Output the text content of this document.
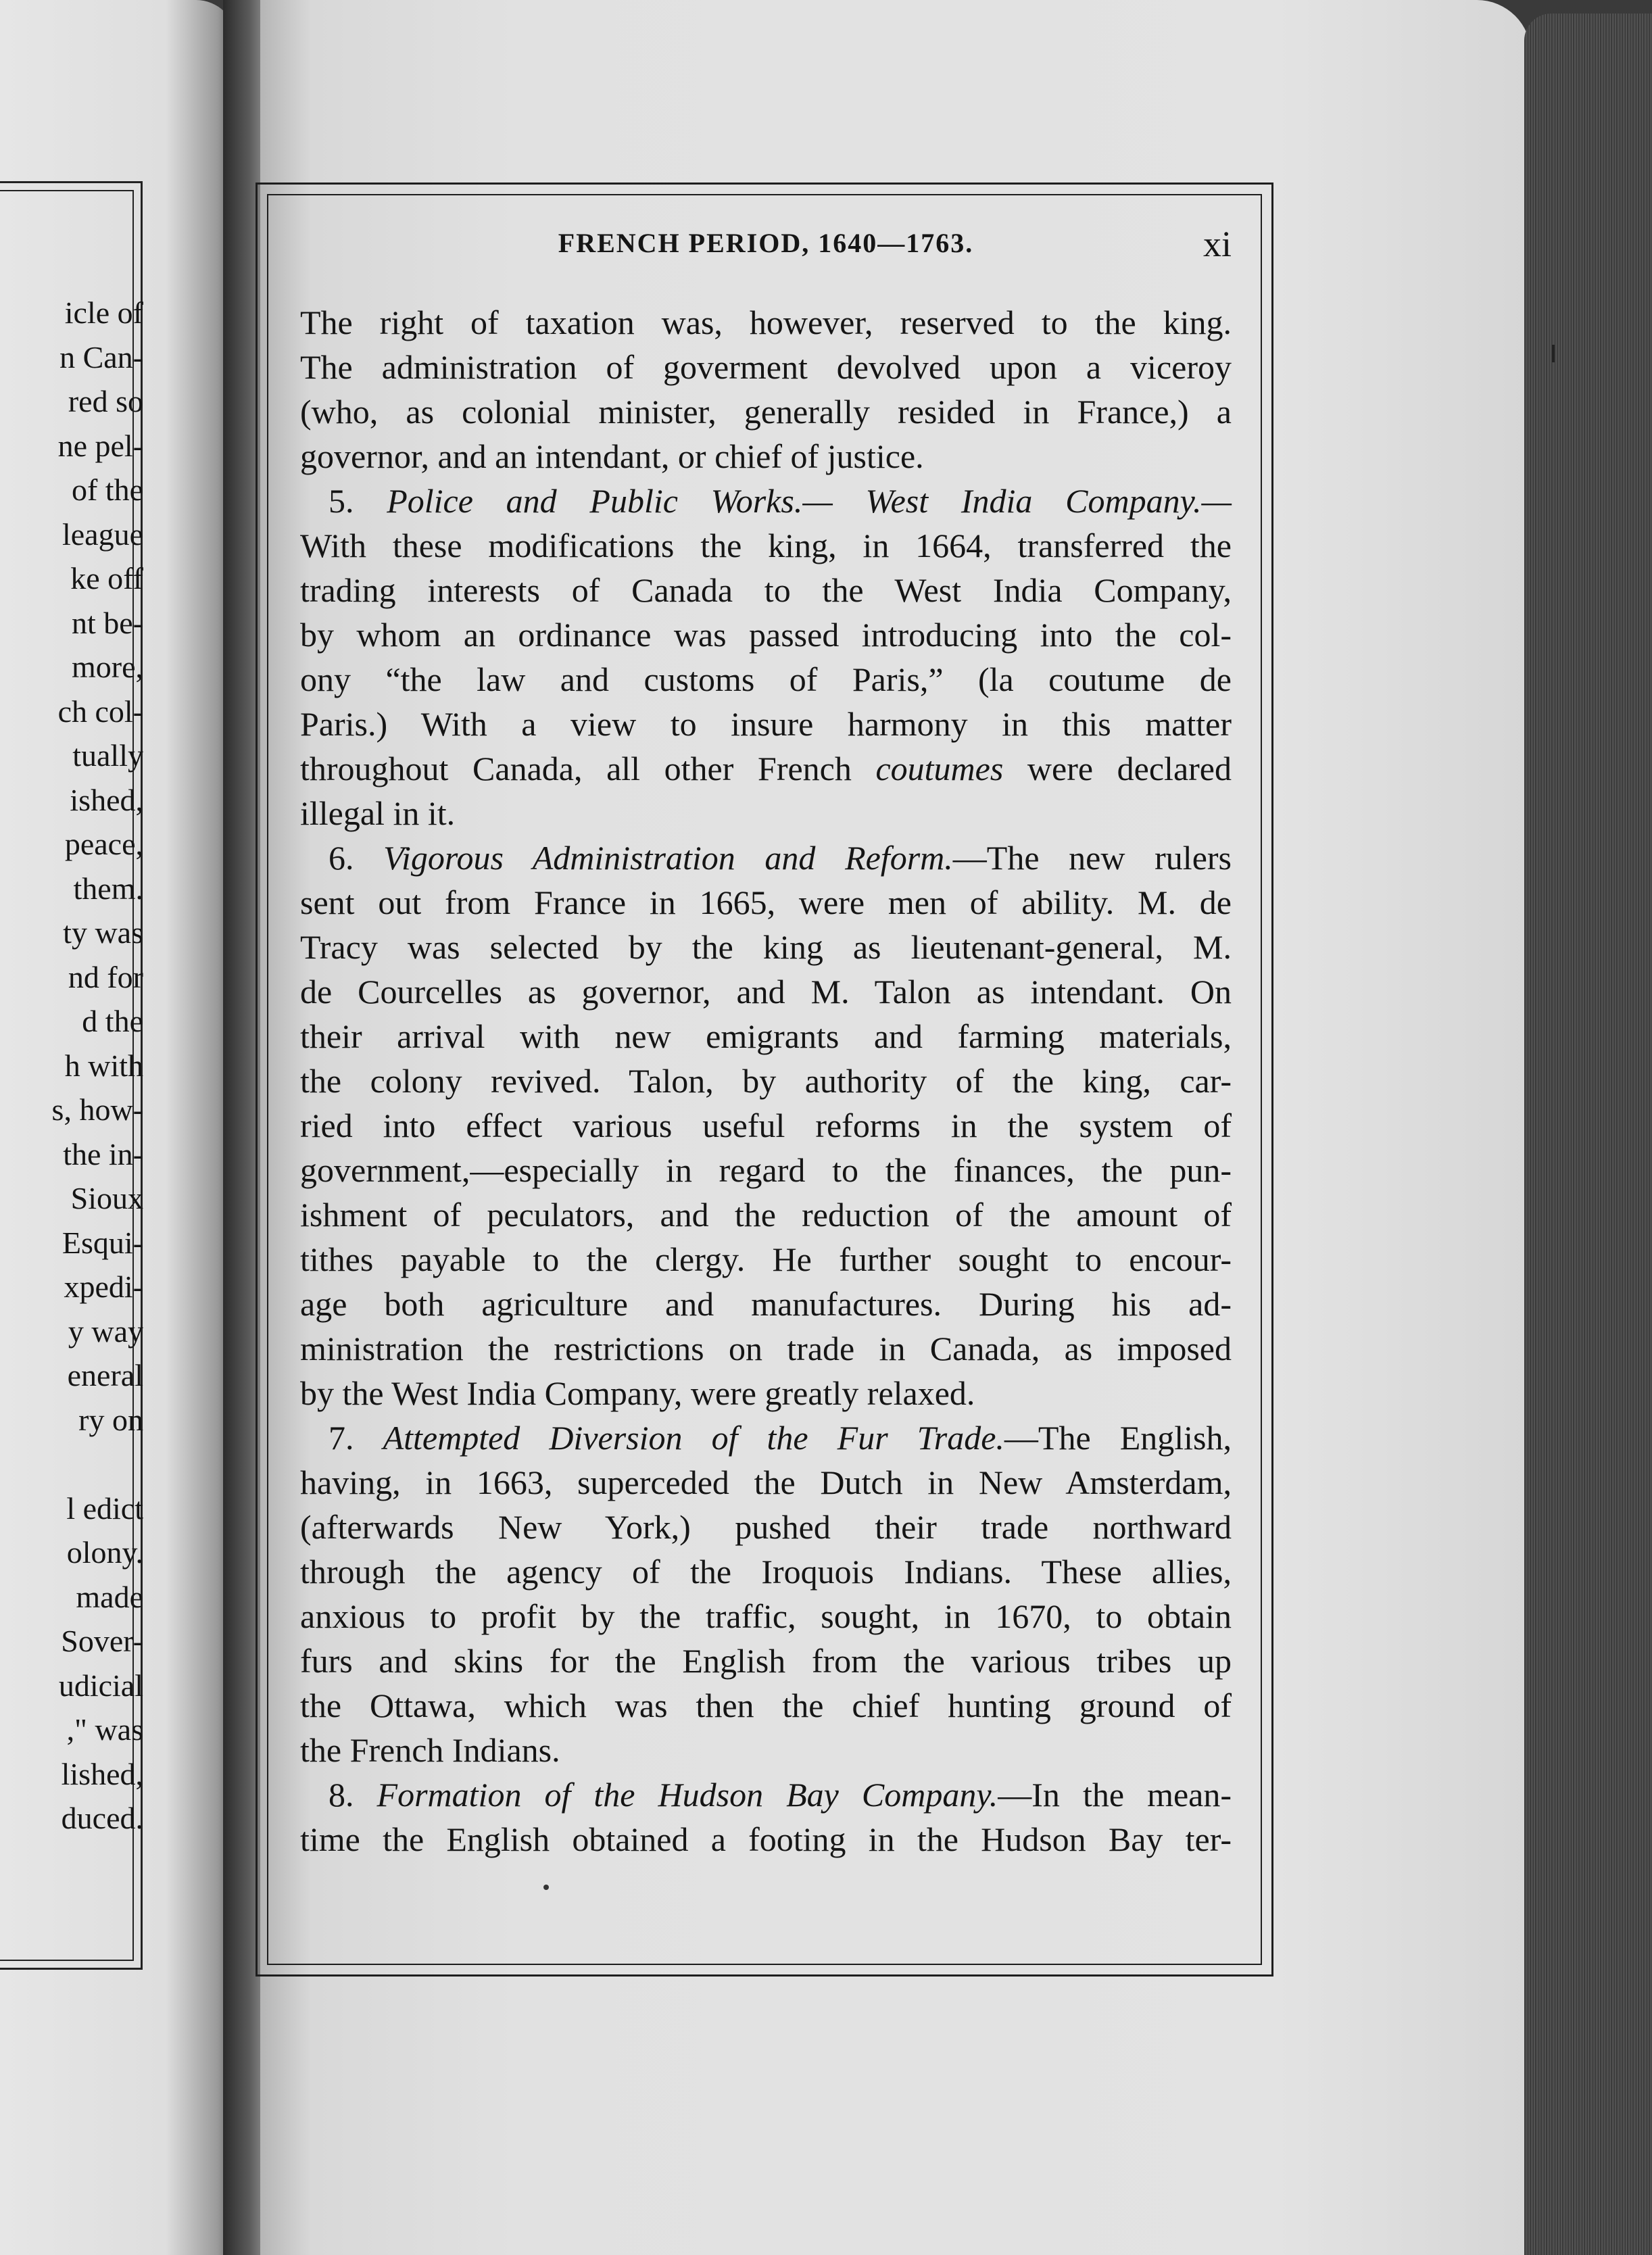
icle of
n Can-
red so
ne pel-
of the
league
ke off
nt be-
more,
ch col-
tually
ished,
peace,
them.
ty was
nd for
d the
h with
s, how-
the in-
Sioux
Esqui-
xpedi-
y way
eneral
ry on

l edict
olony.
made
Sover-
udicial
," was
lished,
duced.
FRENCH PERIOD, 1640—1763.	xi
The right of taxation was, however, reserved to the king.
The administration of goverment devolved upon a viceroy
(who, as colonial minister, generally resided in France,) a
governor, and an intendant, or chief of justice.
5. Police and Public Works.— West India Company.—
With these modifications the king, in 1664, transferred the
trading interests of Canada to the West India Company,
by whom an ordinance was passed introducing into the col-
ony “the law and customs of Paris,” (la coutume de
Paris.) With a view to insure harmony in this matter
throughout Canada, all other French coutumes were declared
illegal in it.
6. Vigorous Administration and Reform.—The new rulers
sent out from France in 1665, were men of ability. M. de
Tracy was selected by the king as lieutenant-general, M.
de Courcelles as governor, and M. Talon as intendant. On
their arrival with new emigrants and farming materials,
the colony revived. Talon, by authority of the king, car-
ried into effect various useful reforms in the system of
government,—especially in regard to the finances, the pun-
ishment of peculators, and the reduction of the amount of
tithes payable to the clergy. He further sought to encour-
age both agriculture and manufactures. During his ad-
ministration the restrictions on trade in Canada, as imposed
by the West India Company, were greatly relaxed.
7. Attempted Diversion of the Fur Trade.—The English,
having, in 1663, superceded the Dutch in New Amsterdam,
(afterwards New York,) pushed their trade northward
through the agency of the Iroquois Indians. These allies,
anxious to profit by the traffic, sought, in 1670, to obtain
furs and skins for the English from the various tribes up
the Ottawa, which was then the chief hunting ground of
the French Indians.
8. Formation of the Hudson Bay Company.—In the mean-
time the English obtained a footing in the Hudson Bay ter-
